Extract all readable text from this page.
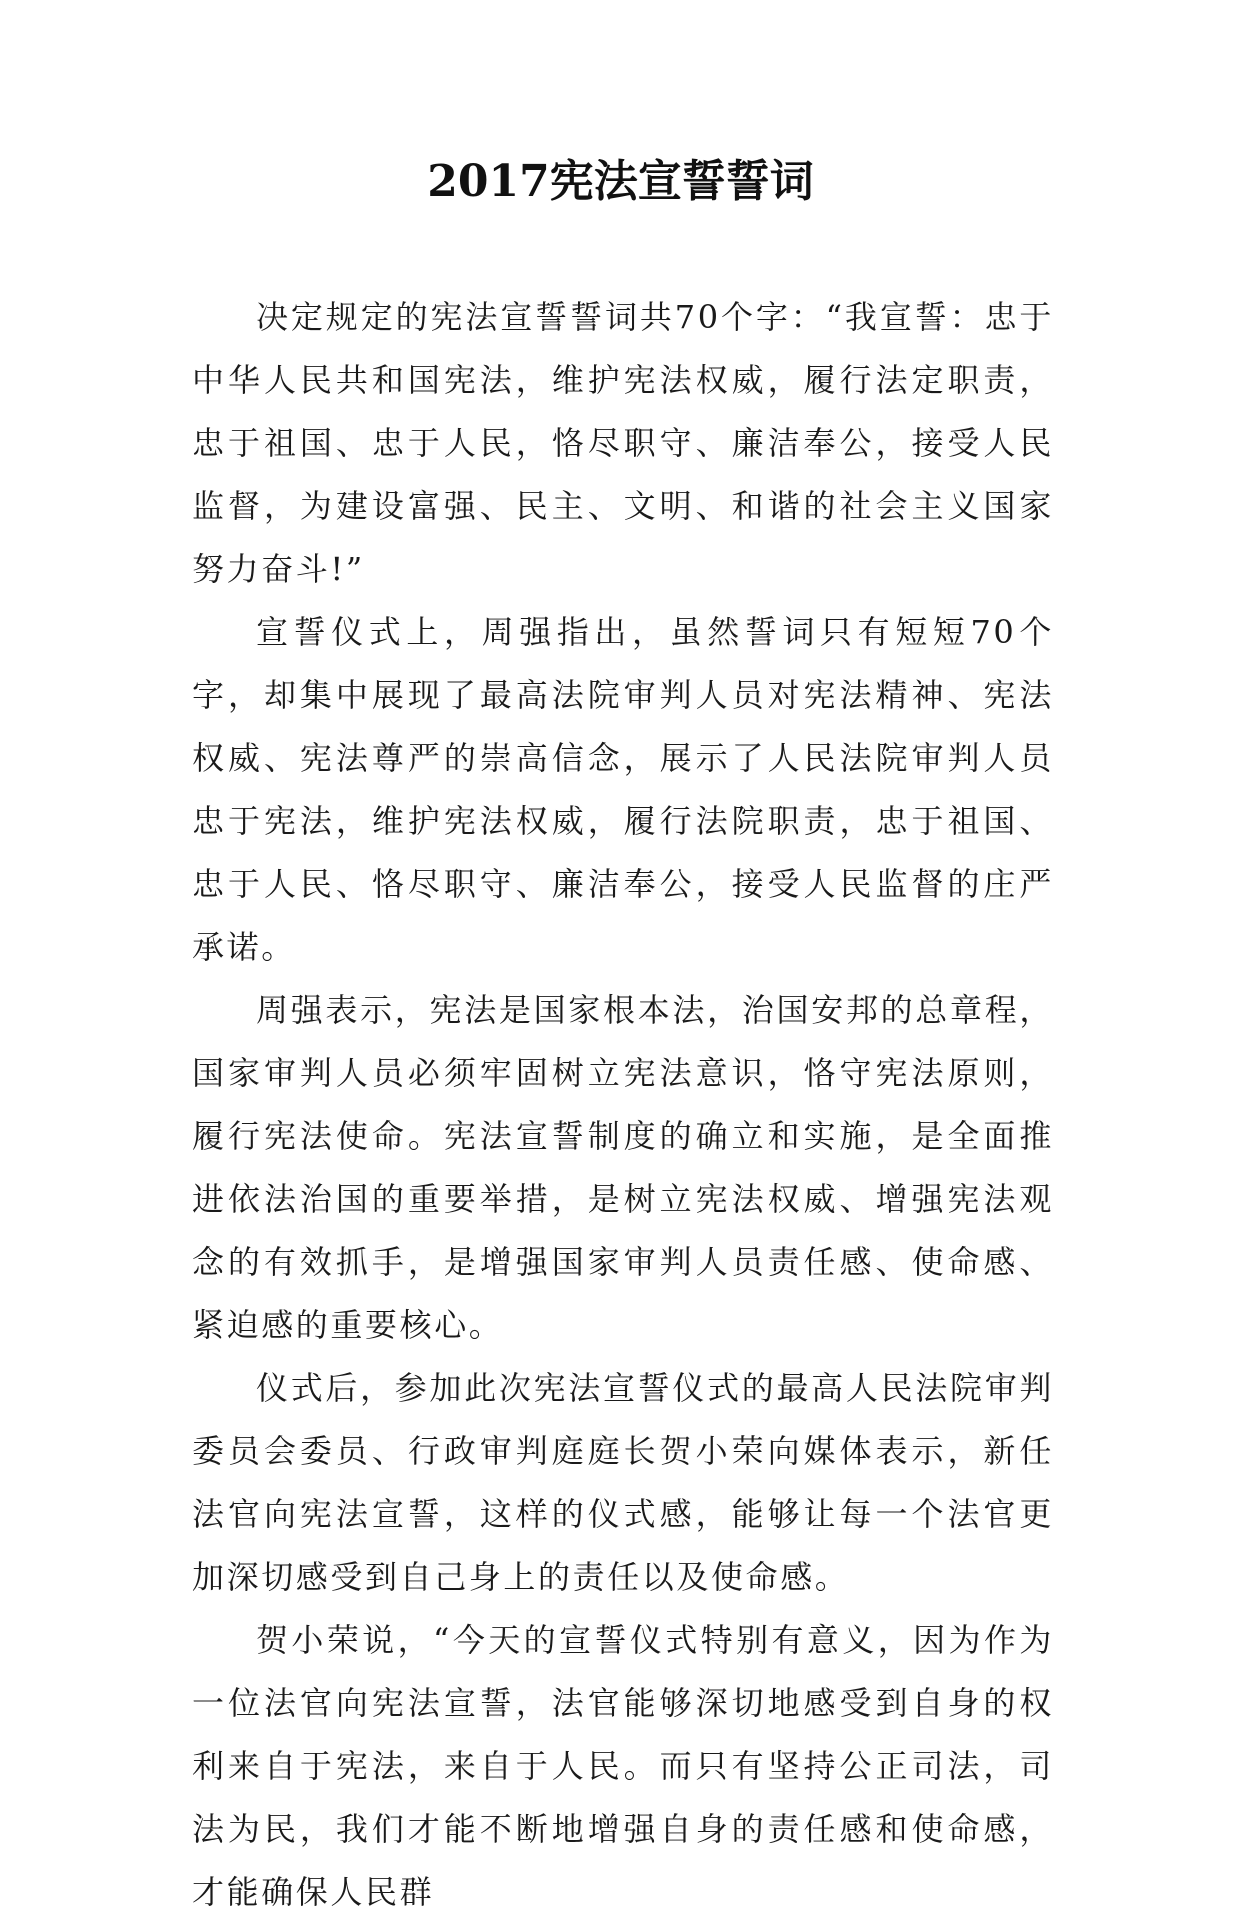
2017宪法宣誓誓词

决定规定的宪法宣誓誓词共70个字：“我宣誓：忠于中华人民共和国宪法，维护宪法权威，履行法定职责，忠于祖国、忠于人民，恪尽职守、廉洁奉公，接受人民监督，为建设富强、民主、文明、和谐的社会主义国家努力奋斗!”

宣誓仪式上，周强指出，虽然誓词只有短短70个字，却集中展现了最高法院审判人员对宪法精神、宪法权威、宪法尊严的崇高信念，展示了人民法院审判人员忠于宪法，维护宪法权威，履行法院职责，忠于祖国、忠于人民、恪尽职守、廉洁奉公，接受人民监督的庄严承诺。

周强表示，宪法是国家根本法，治国安邦的总章程，国家审判人员必须牢固树立宪法意识，恪守宪法原则，履行宪法使命。宪法宣誓制度的确立和实施，是全面推进依法治国的重要举措，是树立宪法权威、增强宪法观念的有效抓手，是增强国家审判人员责任感、使命感、紧迫感的重要核心。

仪式后，参加此次宪法宣誓仪式的最高人民法院审判委员会委员、行政审判庭庭长贺小荣向媒体表示，新任法官向宪法宣誓，这样的仪式感，能够让每一个法官更加深切感受到自己身上的责任以及使命感。

贺小荣说，“今天的宣誓仪式特别有意义，因为作为一位法官向宪法宣誓，法官能够深切地感受到自身的权利来自于宪法，来自于人民。而只有坚持公正司法，司法为民，我们才能不断地增强自身的责任感和使命感，才能确保人民群
